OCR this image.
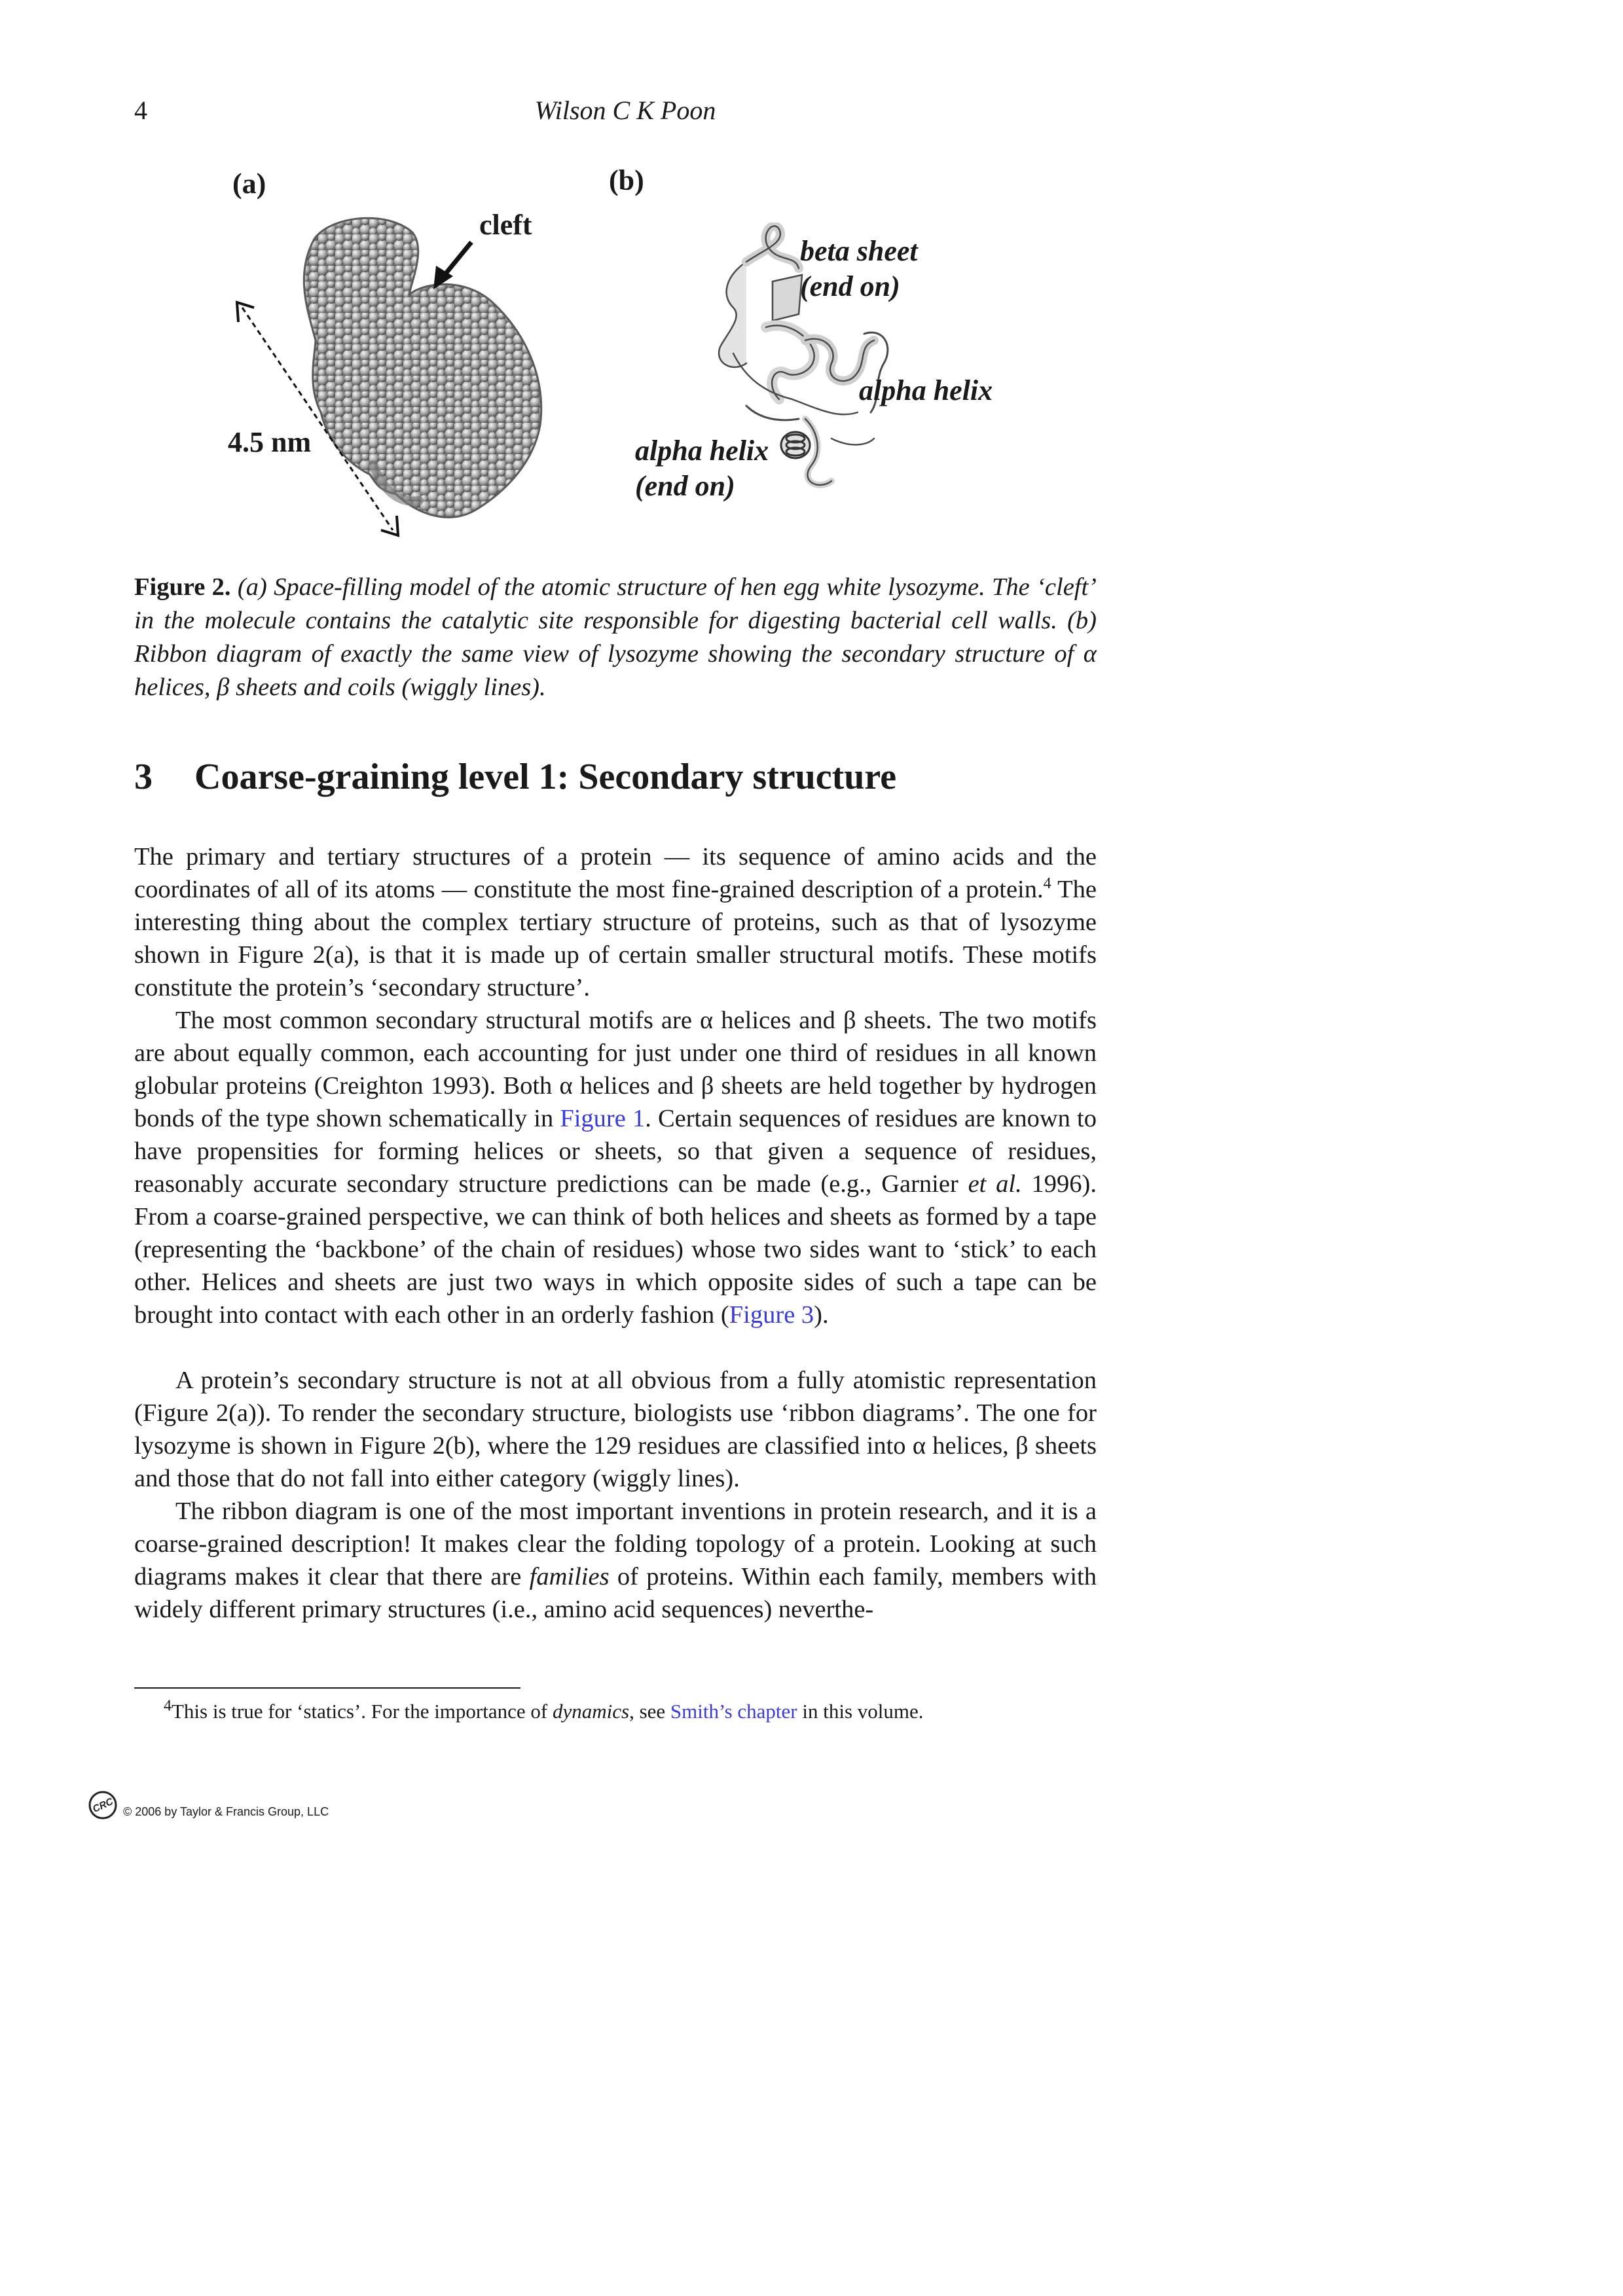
4	Wilson C K Poon
(a)	(b)
cleft
4.5 nm
beta sheet
(end on)
alpha helix
alpha helix
(end on)
Figure 2. (a) Space-filling model of the atomic structure of hen egg white lysozyme. The ‘cleft’ in the molecule contains the catalytic site responsible for digesting bacterial cell walls. (b) Ribbon diagram of exactly the same view of lysozyme showing the secondary structure of α helices, β sheets and coils (wiggly lines).
3 Coarse-graining level 1: Secondary structure
The primary and tertiary structures of a protein — its sequence of amino acids and the coordinates of all of its atoms — constitute the most fine-grained description of a protein.$^4$ The interesting thing about the complex tertiary structure of proteins, such as that of lysozyme shown in Figure 2(a), is that it is made up of certain smaller structural motifs. These motifs constitute the protein’s ‘secondary structure’.
The most common secondary structural motifs are α helices and β sheets. The two motifs are about equally common, each accounting for just under one third of residues in all known globular proteins (Creighton 1993). Both α helices and β sheets are held together by hydrogen bonds of the type shown schematically in Figure 1. Certain sequences of residues are known to have propensities for forming helices or sheets, so that given a sequence of residues, reasonably accurate secondary structure predictions can be made (e.g., Garnier et al. 1996). From a coarse-grained perspective, we can think of both helices and sheets as formed by a tape (representing the ‘backbone’ of the chain of residues) whose two sides want to ‘stick’ to each other. Helices and sheets are just two ways in which opposite sides of such a tape can be brought into contact with each other in an orderly fashion (Figure 3).
A protein’s secondary structure is not at all obvious from a fully atomistic representation (Figure 2(a)). To render the secondary structure, biologists use ‘ribbon diagrams’. The one for lysozyme is shown in Figure 2(b), where the 129 residues are classified into α helices, β sheets and those that do not fall into either category (wiggly lines).
The ribbon diagram is one of the most important inventions in protein research, and it is a coarse-grained description! It makes clear the folding topology of a protein. Looking at such diagrams makes it clear that there are families of proteins. Within each family, members with widely different primary structures (i.e., amino acid sequences) neverthe-
$^4$This is true for ‘statics’. For the importance of dynamics, see Smith’s chapter in this volume.
CRC © 2006 by Taylor & Francis Group, LLC
